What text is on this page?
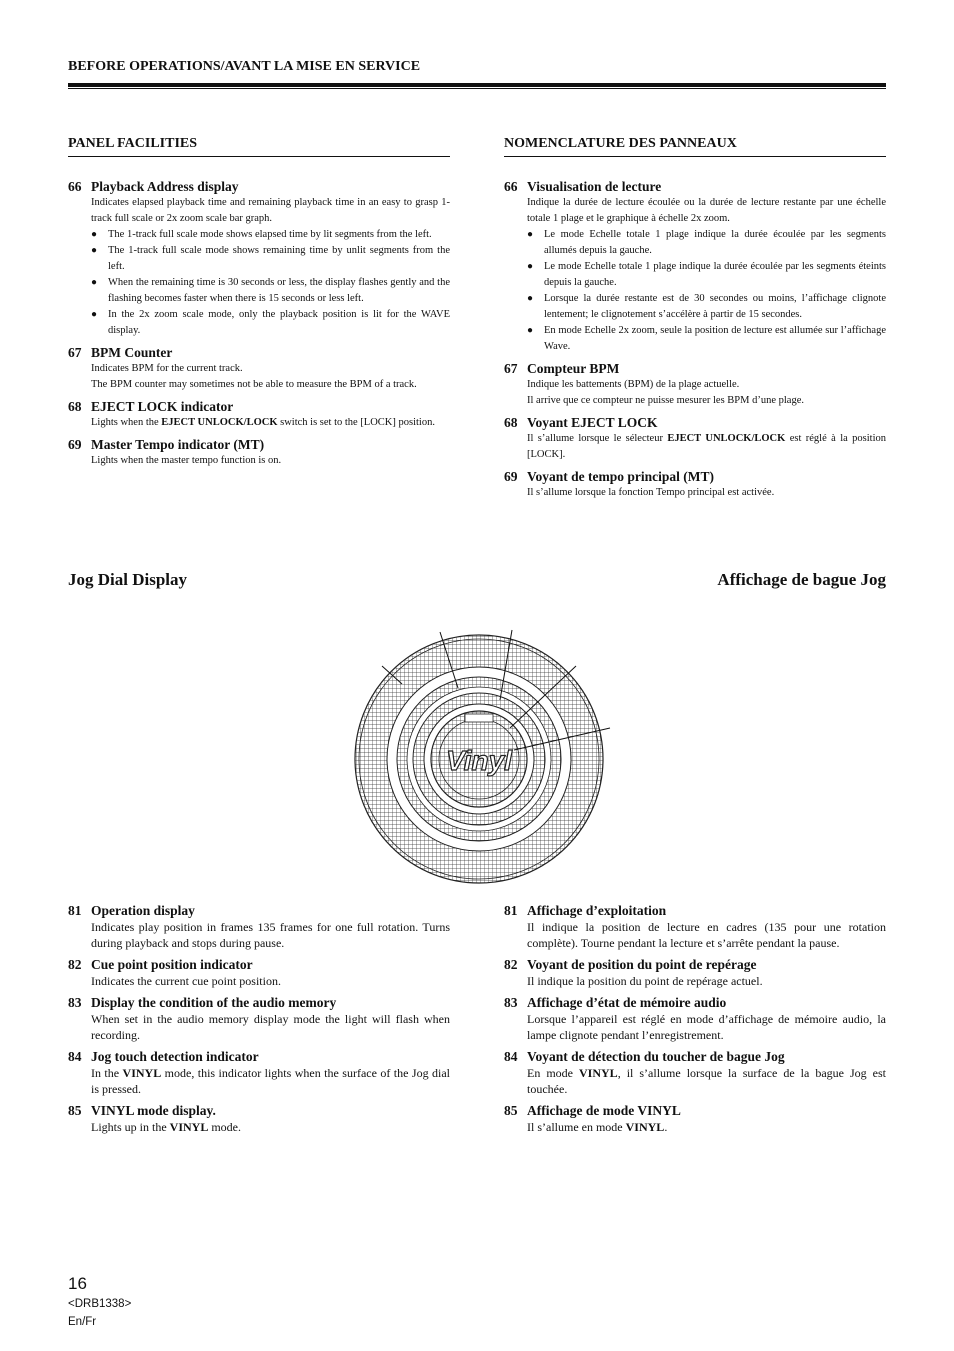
BEFORE OPERATIONS/AVANT LA MISE EN SERVICE
PANEL FACILITIES
66 Playback Address display
Indicates elapsed playback time and remaining playback time in an easy to grasp 1-track full scale or 2x zoom scale bar graph.
●	The 1-track full scale mode shows elapsed time by lit segments from the left.
●	The 1-track full scale mode shows remaining time by unlit segments from the left.
●	When the remaining time is 30 seconds or less, the display flashes gently and the flashing becomes faster when there is 15 seconds or less left.
●	In the 2x zoom scale mode, only the playback position is lit for the WAVE display.
67 BPM Counter
Indicates BPM for the current track.
The BPM counter may sometimes not be able to measure the BPM of a track.
68 EJECT LOCK indicator
Lights when the EJECT UNLOCK/LOCK switch is set to the [LOCK] position.
69 Master Tempo indicator (MT)
Lights when the master tempo function is on.
NOMENCLATURE DES PANNEAUX
66 Visualisation de lecture
Indique la durée de lecture écoulée ou la durée de lecture restante par une échelle totale 1 plage et le graphique à échelle 2x zoom.
●	Le mode Echelle totale 1 plage indique la durée écoulée par les segments allumés depuis la gauche.
●	Le mode Echelle totale 1 plage indique la durée écoulée par les segments éteints depuis la gauche.
●	Lorsque la durée restante est de 30 secondes ou moins, l’affichage clignote lentement; le clignotement s’accélère à partir de 15 secondes.
●	En mode Echelle 2x zoom, seule la position de lecture est allumée sur l’affichage Wave.
67 Compteur BPM
Indique les battements (BPM) de la plage actuelle.
Il arrive que ce compteur ne puisse mesurer les BPM d’une plage.
68 Voyant EJECT LOCK
Il s’allume lorsque le sélecteur EJECT UNLOCK/LOCK est réglé à la position [LOCK].
69 Voyant de tempo principal (MT)
Il s’allume lorsque la fonction Tempo principal est activée.
Jog Dial Display	Affichage de bague Jog
Vinyl
81 Operation display
Indicates play position in frames 135 frames for one full rotation. Turns during playback and stops during pause.
82 Cue point position indicator
Indicates the current cue point position.
83 Display the condition of the audio memory
When set in the audio memory display mode the light will flash when recording.
84 Jog touch detection indicator
In the VINYL mode, this indicator lights when the surface of the Jog dial is pressed.
85 VINYL mode display.
Lights up in the VINYL mode.
81 Affichage d’exploitation
Il indique la position de lecture en cadres (135 pour une rotation complète). Tourne pendant la lecture et s’arrête pendant la pause.
82 Voyant de position du point de repérage
Il indique la position du point de repérage actuel.
83 Affichage d’état de mémoire audio
Lorsque l’appareil est réglé en mode d’affichage de mémoire audio, la lampe clignote pendant l’enregistrement.
84 Voyant de détection du toucher de bague Jog
En mode VINYL, il s’allume lorsque la surface de la bague Jog est touchée.
85 Affichage de mode VINYL
Il s’allume en mode VINYL.
16
<DRB1338>
En/Fr
